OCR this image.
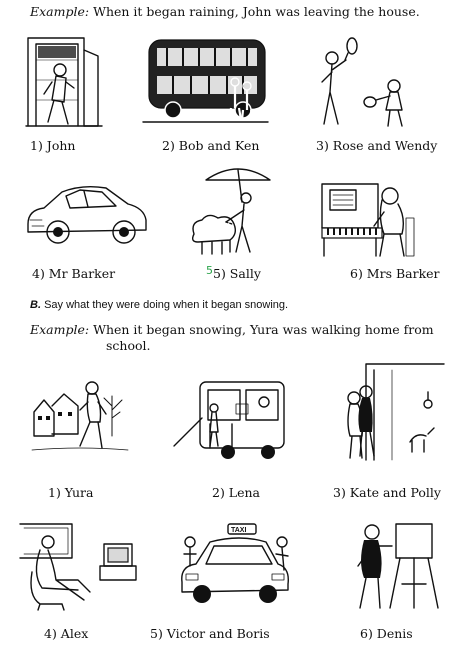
Example: When it began raining, John was leaving the house.
1) John	2) Bob and Ken	3) Rose and Wendy
4) Mr Barker	5 5) Sally	6) Mrs Barker
B. Say what they were doing when it began snowing.
Example: When it began snowing, Yura was walking home from
school.
1) Yura	2) Lena	3) Kate and Polly
4) Alex
TAXI
5) Victor and Boris	6) Denis
